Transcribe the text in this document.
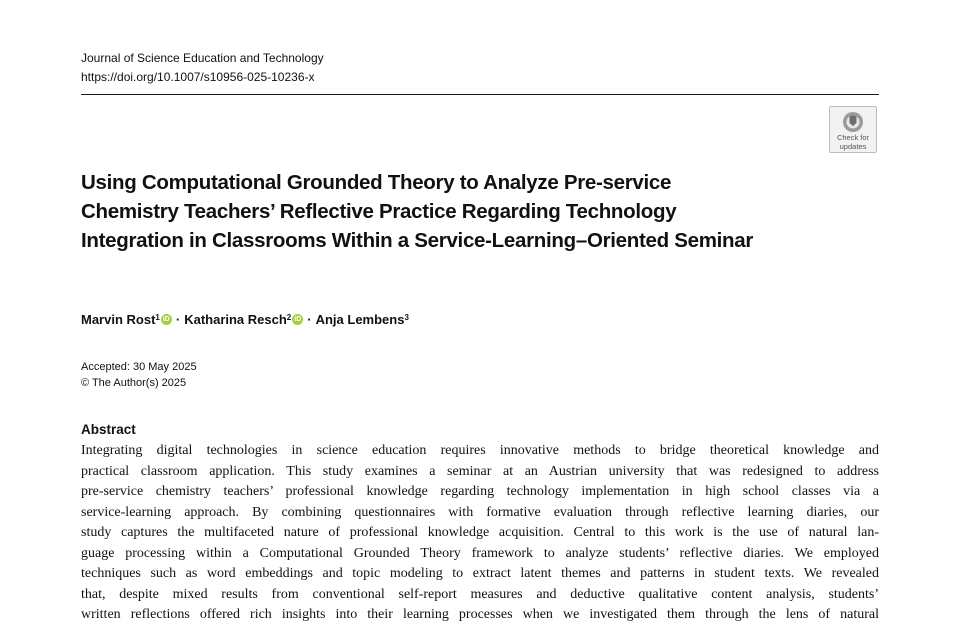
Journal of Science Education and Technology
https://doi.org/10.1007/s10956-025-10236-x
Check for
updates
Using Computational Grounded Theory to Analyze Pre-service Chemistry Teachers’ Reflective Practice Regarding Technology Integration in Classrooms Within a Service-Learning–Oriented Seminar
Marvin Rost$^1$ iD · Katharina Resch$^2$ iD · Anja Lembens$^3$
Accepted: 30 May 2025
© The Author(s) 2025
Abstract
Integrating digital technologies in science education requires innovative methods to bridge theoretical knowledge and
practical classroom application. This study examines a seminar at an Austrian university that was redesigned to address
pre-service chemistry teachers’ professional knowledge regarding technology implementation in high school classes via a
service-learning approach. By combining questionnaires with formative evaluation through reflective learning diaries, our
study captures the multifaceted nature of professional knowledge acquisition. Central to this work is the use of natural lan-
guage processing within a Computational Grounded Theory framework to analyze students’ reflective diaries. We employed
techniques such as word embeddings and topic modeling to extract latent themes and patterns in student texts. We revealed
that, despite mixed results from conventional self-report measures and deductive qualitative content analysis, students’
written reflections offered rich insights into their learning processes when we investigated them through the lens of natural
